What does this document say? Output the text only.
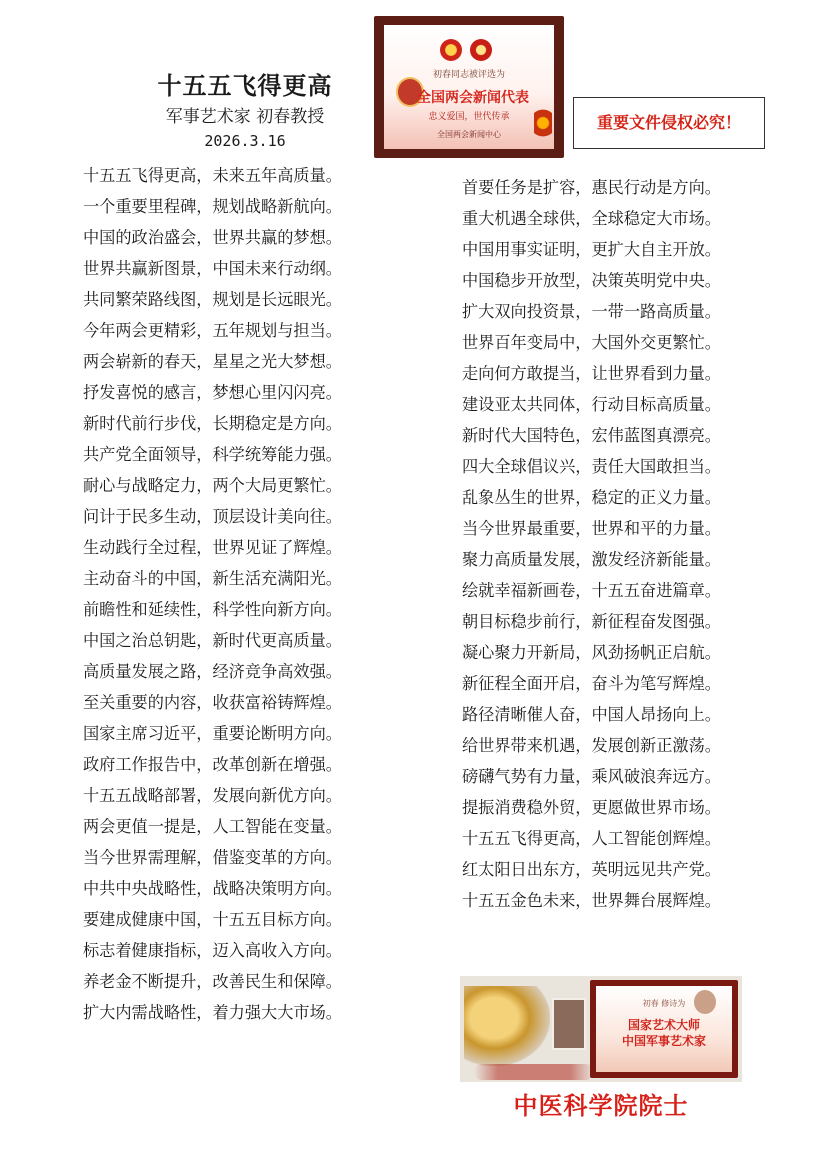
十五五飞得更高
军事艺术家 初春教授
2026.3.16
初春同志被评选为
全国两会新闻代表
忠义爱国，世代传承
全国两会新闻中心
重要文件侵权必究！
十五五飞得更高，未来五年高质量。
一个重要里程碑，规划战略新航向。
中国的政治盛会，世界共赢的梦想。
世界共赢新图景，中国未来行动纲。
共同繁荣路线图，规划是长远眼光。
今年两会更精彩，五年规划与担当。
两会崭新的春天，星星之光大梦想。
抒发喜悦的感言，梦想心里闪闪亮。
新时代前行步伐，长期稳定是方向。
共产党全面领导，科学统筹能力强。
耐心与战略定力，两个大局更繁忙。
问计于民多生动，顶层设计美向往。
生动践行全过程，世界见证了辉煌。
主动奋斗的中国，新生活充满阳光。
前瞻性和延续性，科学性向新方向。
中国之治总钥匙，新时代更高质量。
高质量发展之路，经济竞争高效强。
至关重要的内容，收获富裕铸辉煌。
国家主席习近平，重要论断明方向。
政府工作报告中，改革创新在增强。
十五五战略部署，发展向新优方向。
两会更值一提是，人工智能在变量。
当今世界需理解，借鉴变革的方向。
中共中央战略性，战略决策明方向。
要建成健康中国，十五五目标方向。
标志着健康指标，迈入高收入方向。
养老金不断提升，改善民生和保障。
扩大内需战略性，着力强大大市场。
首要任务是扩容，惠民行动是方向。
重大机遇全球供，全球稳定大市场。
中国用事实证明，更扩大自主开放。
中国稳步开放型，决策英明党中央。
扩大双向投资景，一带一路高质量。
世界百年变局中，大国外交更繁忙。
走向何方敢提当，让世界看到力量。
建设亚太共同体，行动目标高质量。
新时代大国特色，宏伟蓝图真漂亮。
四大全球倡议兴，责任大国敢担当。
乱象丛生的世界，稳定的正义力量。
当今世界最重要，世界和平的力量。
聚力高质量发展，激发经济新能量。
绘就幸福新画卷，十五五奋进篇章。
朝目标稳步前行，新征程奋发图强。
凝心聚力开新局，风劲扬帆正启航。
新征程全面开启，奋斗为笔写辉煌。
路径清晰催人奋，中国人昂扬向上。
给世界带来机遇，发展创新正激荡。
磅礴气势有力量，乘风破浪奔远方。
提振消费稳外贸，更愿做世界市场。
十五五飞得更高，人工智能创辉煌。
红太阳日出东方，英明远见共产党。
十五五金色未来，世界舞台展辉煌。
初春 修诗为
国家艺术大师
中国军事艺术家
中医科学院院士
